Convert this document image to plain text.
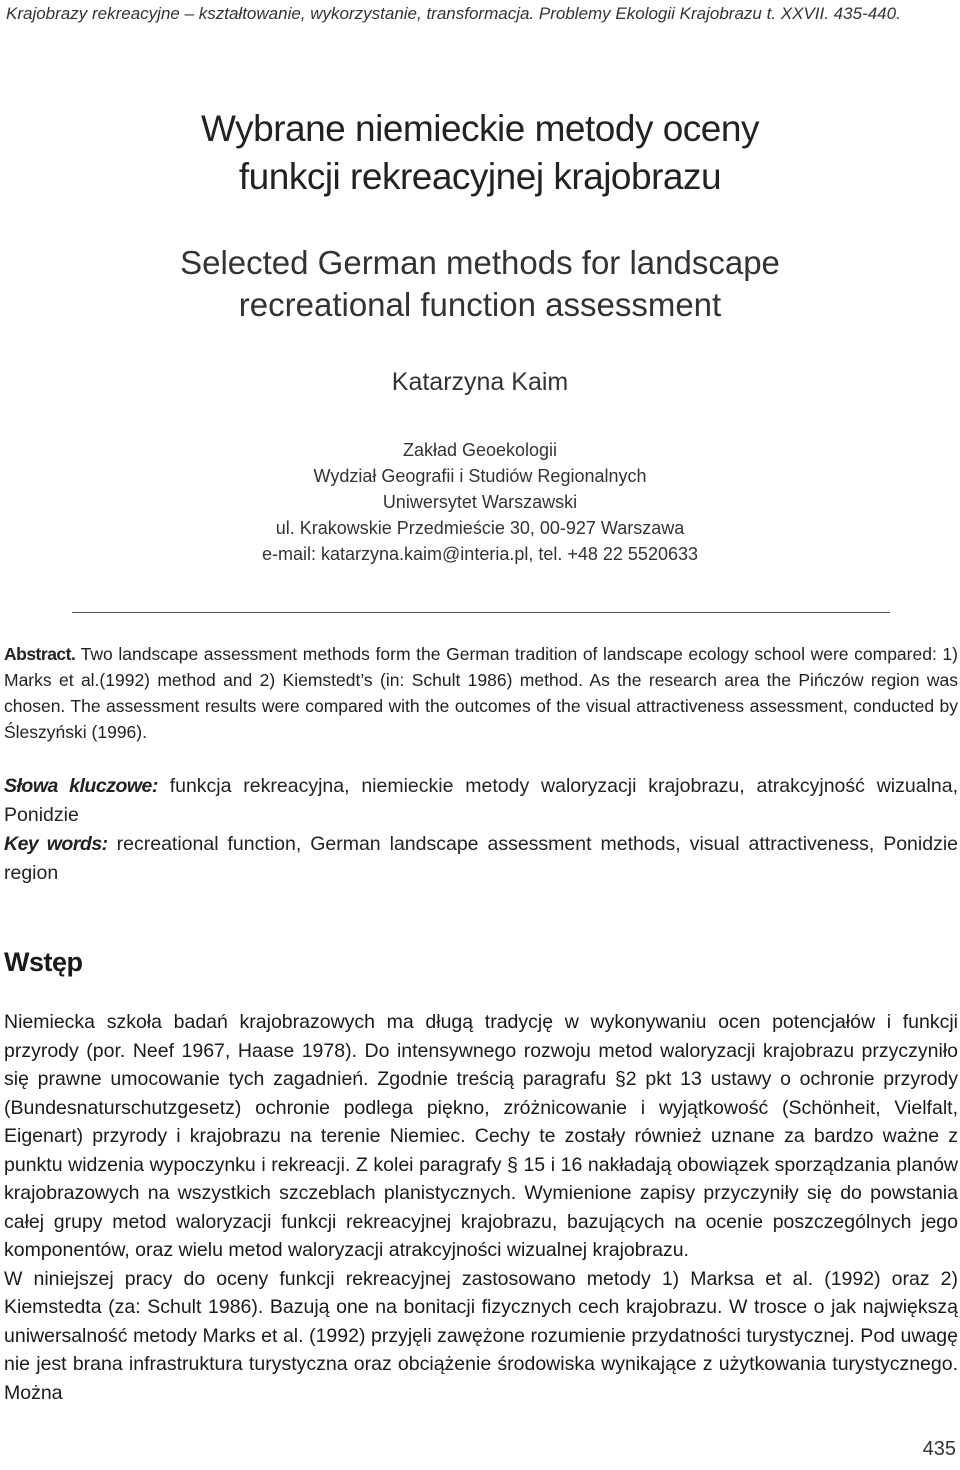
Krajobrazy rekreacyjne – kształtowanie, wykorzystanie, transformacja. Problemy Ekologii Krajobrazu t. XXVII. 435-440.
Wybrane niemieckie metody oceny
funkcji rekreacyjnej krajobrazu
Selected German methods for landscape
recreational function assessment
Katarzyna Kaim
Zakład Geoekologii
Wydział Geografii i Studiów Regionalnych
Uniwersytet Warszawski
ul. Krakowskie Przedmieście 30, 00-927 Warszawa
e-mail: katarzyna.kaim@interia.pl, tel. +48 22 5520633
Abstract. Two landscape assessment methods form the German tradition of landscape ecology school were compared: 1) Marks et al.(1992) method and 2) Kiemstedt’s (in: Schult 1986) method. As the research area the Pińczów region was chosen. The assessment results were compared with the outcomes of the visual attractiveness assessment, conducted by Śleszyński (1996).

Słowa kluczowe: funkcja rekreacyjna, niemieckie metody waloryzacji krajobrazu, atrakcyjność wizualna, Ponidzie

Key words: recreational function, German landscape assessment methods, visual attractiveness, Ponidzie region

Wstęp

Niemiecka szkoła badań krajobrazowych ma długą tradycję w wykonywaniu ocen potencjałów i funkcji przyrody (por. Neef 1967, Haase 1978). Do intensywnego rozwoju metod waloryzacji krajobrazu przyczyniło się prawne umocowanie tych zagadnień. Zgodnie treścią paragrafu §2 pkt 13 ustawy o ochronie przyrody (Bundesnaturschutzgesetz) ochronie podlega piękno, zróżnicowanie i wyjątkowość (Schönheit, Vielfalt, Eigenart) przyrody i krajobrazu na terenie Niemiec. Cechy te zostały również uznane za bardzo ważne z punktu widzenia wypoczynku i rekreacji. Z kolei paragrafy § 15 i 16 nakładają obowiązek sporządzania planów krajobrazowych na wszystkich szczeblach planistycznych. Wymienione zapisy przyczyniły się do powstania całej grupy metod waloryzacji funkcji rekreacyjnej krajobrazu, bazujących na ocenie poszczególnych jego komponentów, oraz wielu metod waloryzacji atrakcyjności wizualnej krajobrazu.

W niniejszej pracy do oceny funkcji rekreacyjnej zastosowano metody 1) Marksa et al. (1992) oraz 2) Kiemstedta (za: Schult 1986). Bazują one na bonitacji fizycznych cech krajobrazu. W trosce o jak największą uniwersalność metody Marks et al. (1992) przyjęli zawężone rozumienie przydatności turystycznej. Pod uwagę nie jest brana infrastruktura turystyczna oraz obciążenie środowiska wynikające z użytkowania turystycznego. Można

435
